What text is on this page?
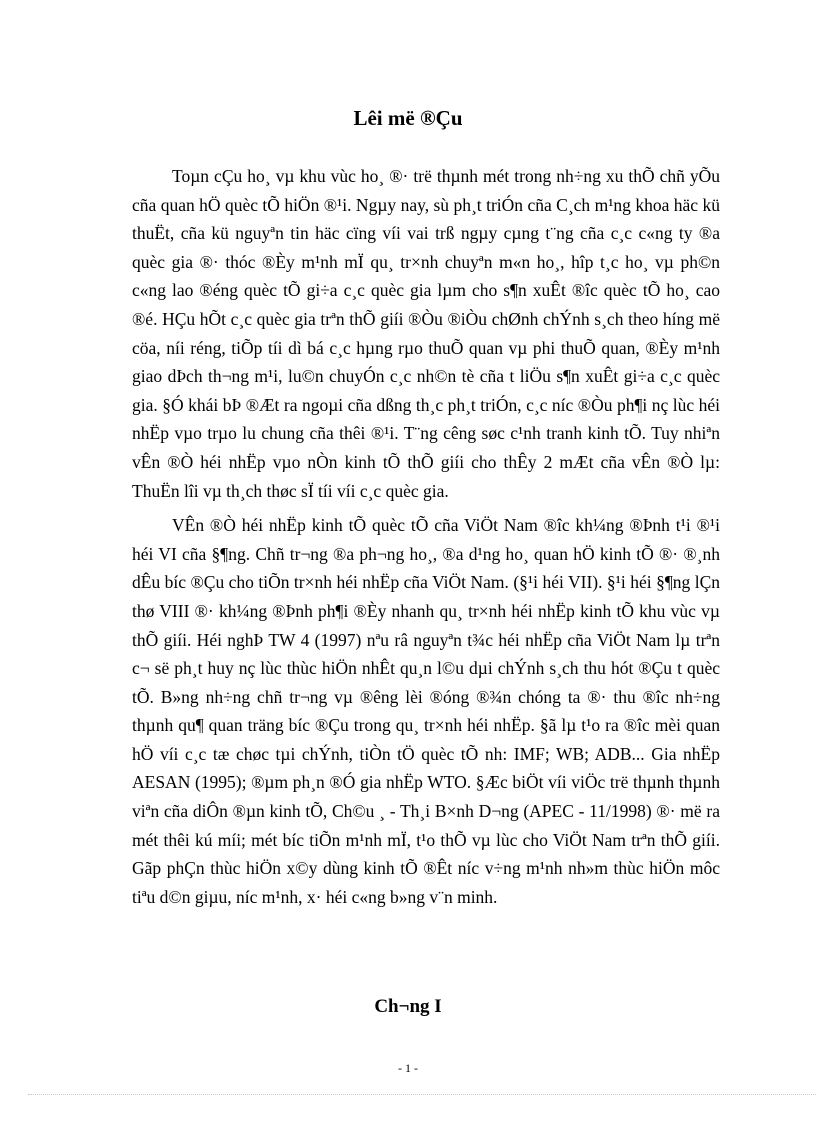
Lêi më ®Çu

Toµn cÇu ho¸ vµ khu vùc ho¸ ®· trë thµnh mét trong nh÷ng xu thÕ chñ yÕu cña quan hÖ quèc tÕ hiÖn ®¹i. Ngµy nay, sù ph¸t triÓn cña C¸ch m¹ng khoa häc kü thuËt, cña kü nguyªn tin häc cïng víi vai trß ngµy cµng t¨ng cña c¸c c«ng ty ®a quèc gia ®· thóc ®Èy m¹nh mÏ qu¸ tr×nh chuyªn m«n ho¸, hîp t¸c ho¸ vµ ph©n c«ng lao ®éng quèc tÕ gi÷a c¸c quèc gia lµm cho s¶n xuÊt ®îc quèc tÕ ho¸ cao ®é. HÇu hÕt c¸c quèc gia trªn thÕ giíi ®Òu ®iÒu chØnh chÝnh s¸ch theo híng më cöa, níi réng, tiÕp tíi dì bá c¸c hµng rµo thuÕ quan vµ phi thuÕ quan, ®Èy m¹nh giao dÞch th¬ng m¹i, lu©n chuyÓn c¸c nh©n tè cña t liÖu s¶n xuÊt gi÷a c¸c quèc gia. §Ó khái bÞ ®Æt ra ngoµi cña dßng th¸c ph¸t triÓn, c¸c níc ®Òu ph¶i nç lùc héi nhËp vµo trµo lu chung cña thêi ®¹i. T¨ng cêng søc c¹nh tranh kinh tÕ. Tuy nhiªn vÊn ®Ò héi nhËp vµo nÒn kinh tÕ thÕ giíi cho thÊy 2 mÆt cña vÊn ®Ò lµ: ThuËn lîi vµ th¸ch thøc sÏ tíi víi c¸c quèc gia.

VÊn ®Ò héi nhËp kinh tÕ quèc tÕ cña ViÖt Nam ®îc kh¼ng ®Þnh t¹i ®¹i héi VI cña §¶ng. Chñ tr¬ng ®a ph¬ng ho¸, ®a d¹ng ho¸ quan hÖ kinh tÕ ®· ®¸nh dÊu bíc ®Çu cho tiÕn tr×nh héi nhËp cña ViÖt Nam. (§¹i héi VII). §¹i héi §¶ng lÇn thø VIII ®· kh¼ng ®Þnh ph¶i ®Èy nhanh qu¸ tr×nh héi nhËp kinh tÕ khu vùc vµ thÕ giíi. Héi nghÞ TW 4 (1997) nªu râ nguyªn t¾c héi nhËp cña ViÖt Nam lµ trªn c¬ së ph¸t huy nç lùc thùc hiÖn nhÊt qu¸n l©u dµi chÝnh s¸ch thu hót ®Çu t quèc tÕ. B»ng nh÷ng chñ tr¬ng vµ ®êng lèi ®óng ®¾n chóng ta ®· thu ®îc nh÷ng thµnh qu¶ quan träng bíc ®Çu trong qu¸ tr×nh héi nhËp. §ã lµ t¹o ra ®îc mèi quan hÖ víi c¸c tæ chøc tµi chÝnh, tiÒn tÖ quèc tÕ nh: IMF; WB; ADB... Gia nhËp AESAN (1995); ®µm ph¸n ®Ó gia nhËp WTO. §Æc biÖt víi viÖc trë thµnh thµnh viªn cña diÔn ®µn kinh tÕ, Ch©u ¸ - Th¸i B×nh D¬ng (APEC - 11/1998) ®· më ra mét thêi kú míi; mét bíc tiÕn m¹nh mÏ, t¹o thÕ vµ lùc cho ViÖt Nam trªn thÕ giíi. Gãp phÇn thùc hiÖn x©y dùng kinh tÕ ®Êt níc v÷ng m¹nh nh»m thùc hiÖn môc tiªu d©n giµu, níc m¹nh, x· héi c«ng b»ng v¨n minh.

Ch¬ng I
- 1 -
